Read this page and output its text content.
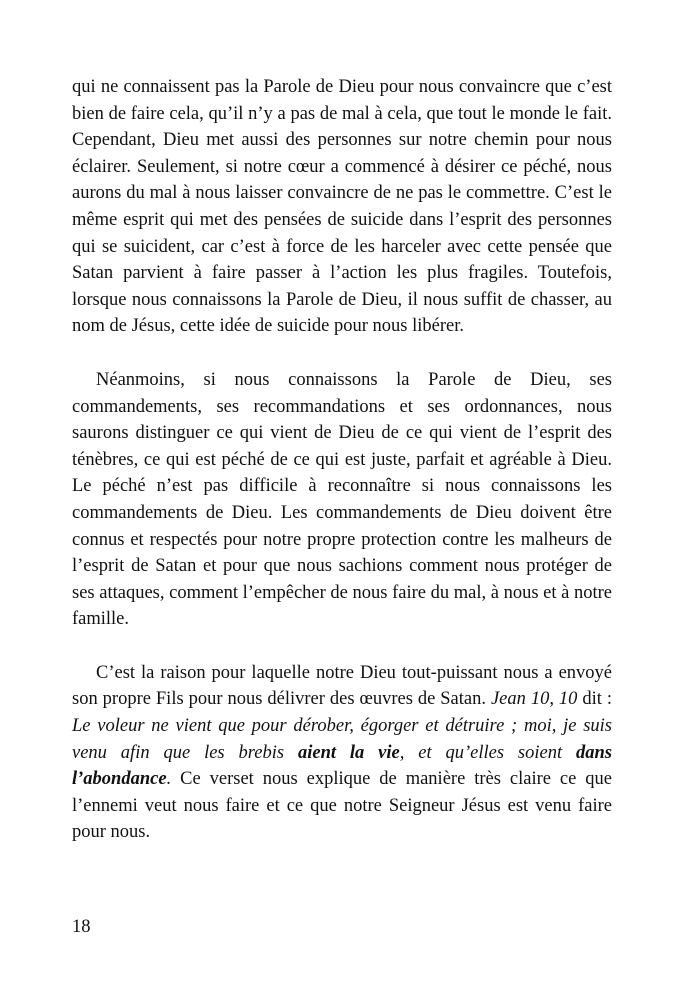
qui ne connaissent pas la Parole de Dieu pour nous convaincre que c’est bien de faire cela, qu’il n’y a pas de mal à cela, que tout le monde le fait. Cependant, Dieu met aussi des personnes sur notre chemin pour nous éclairer. Seulement, si notre cœur a commencé à désirer ce péché, nous aurons du mal à nous laisser convaincre de ne pas le commettre. C’est le même esprit qui met des pensées de suicide dans l’esprit des personnes qui se suicident, car c’est à force de les harceler avec cette pensée que Satan parvient à faire passer à l’action les plus fragiles. Toutefois, lorsque nous connaissons la Parole de Dieu, il nous suffit de chasser, au nom de Jésus, cette idée de suicide pour nous libérer.

Néanmoins, si nous connaissons la Parole de Dieu, ses commandements, ses recommandations et ses ordonnances, nous saurons distinguer ce qui vient de Dieu de ce qui vient de l’esprit des ténèbres, ce qui est péché de ce qui est juste, parfait et agréable à Dieu. Le péché n’est pas difficile à reconnaître si nous connaissons les commandements de Dieu. Les commandements de Dieu doivent être connus et respectés pour notre propre protection contre les malheurs de l’esprit de Satan et pour que nous sachions comment nous protéger de ses attaques, comment l’empêcher de nous faire du mal, à nous et à notre famille.

C’est la raison pour laquelle notre Dieu tout-puissant nous a envoyé son propre Fils pour nous délivrer des œuvres de Satan. Jean 10, 10 dit : Le voleur ne vient que pour dérober, égorger et détruire ; moi, je suis venu afin que les brebis aient la vie, et qu’elles soient dans l’abondance. Ce verset nous explique de manière très claire ce que l’ennemi veut nous faire et ce que notre Seigneur Jésus est venu faire pour nous.

18
